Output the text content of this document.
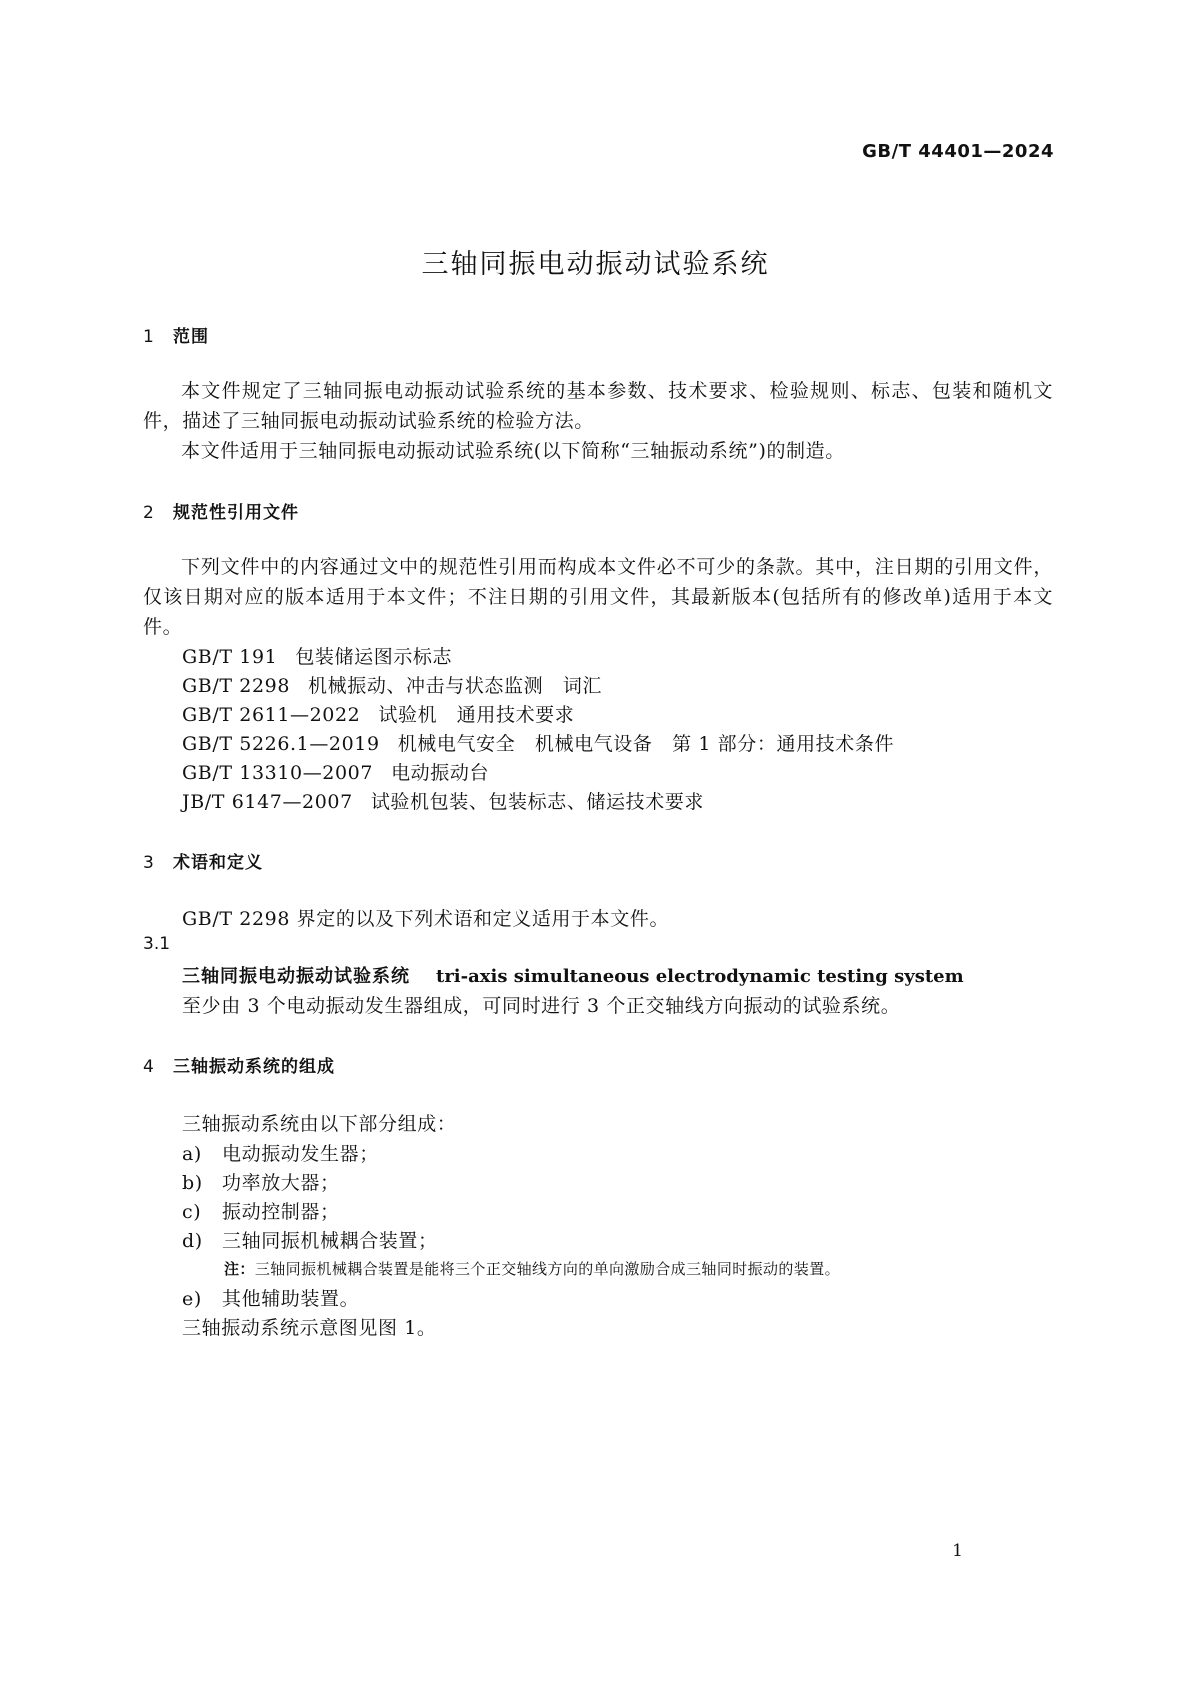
GB/T 44401—2024
三轴同振电动振动试验系统
1 范围
本文件规定了三轴同振电动振动试验系统的基本参数、技术要求、检验规则、标志、包装和随机文件，描述了三轴同振电动振动试验系统的检验方法。
本文件适用于三轴同振电动振动试验系统(以下简称“三轴振动系统”)的制造。
2 规范性引用文件
下列文件中的内容通过文中的规范性引用而构成本文件必不可少的条款。其中，注日期的引用文件，仅该日期对应的版本适用于本文件；不注日期的引用文件，其最新版本(包括所有的修改单)适用于本文件。
GB/T 191 包装储运图示标志
GB/T 2298 机械振动、冲击与状态监测　词汇
GB/T 2611—2022 试验机　通用技术要求
GB/T 5226.1—2019 机械电气安全　机械电气设备　第 1 部分：通用技术条件
GB/T 13310—2007 电动振动台
JB/T 6147—2007 试验机包装、包装标志、储运技术要求
3 术语和定义
GB/T 2298 界定的以及下列术语和定义适用于本文件。
3.1
三轴同振电动振动试验系统 tri-axis simultaneous electrodynamic testing system
至少由 3 个电动振动发生器组成，可同时进行 3 个正交轴线方向振动的试验系统。
4 三轴振动系统的组成
三轴振动系统由以下部分组成：
a) 电动振动发生器；
b) 功率放大器；
c) 振动控制器；
d) 三轴同振机械耦合装置；
注：三轴同振机械耦合装置是能将三个正交轴线方向的单向激励合成三轴同时振动的装置。
e) 其他辅助装置。
三轴振动系统示意图见图 1。
1
